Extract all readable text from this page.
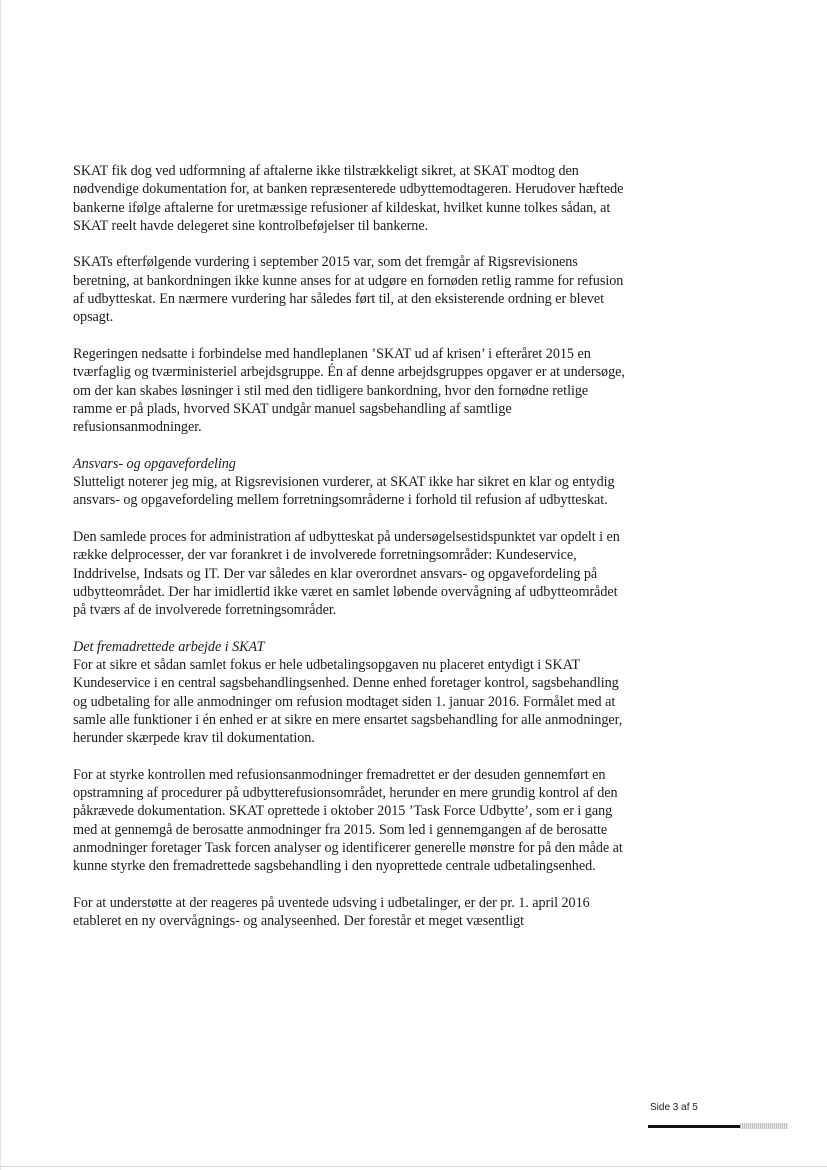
SKAT fik dog ved udformning af aftalerne ikke tilstrækkeligt sikret, at SKAT modtog den nødvendige dokumentation for, at banken repræsenterede udbyttemodtageren. Herudover hæftede bankerne ifølge aftalerne for uretmæssige refusioner af kildeskat, hvilket kunne tolkes sådan, at SKAT reelt havde delegeret sine kontrolbeføjelser til bankerne.

SKATs efterfølgende vurdering i september 2015 var, som det fremgår af Rigsrevisionens beretning, at bankordningen ikke kunne anses for at udgøre en fornøden retlig ramme for refusion af udbytteskat. En nærmere vurdering har således ført til, at den eksisterende ordning er blevet opsagt.

Regeringen nedsatte i forbindelse med handleplanen ’SKAT ud af krisen’ i efteråret 2015 en tværfaglig og tværministeriel arbejdsgruppe. Én af denne arbejdsgruppes opgaver er at undersøge, om der kan skabes løsninger i stil med den tidligere bankordning, hvor den fornødne retlige ramme er på plads, hvorved SKAT undgår manuel sagsbehandling af samtlige refusionsanmodninger.

Ansvars- og opgavefordeling
Slutteligt noterer jeg mig, at Rigsrevisionen vurderer, at SKAT ikke har sikret en klar og entydig ansvars- og opgavefordeling mellem forretningsområderne i forhold til refusion af udbytteskat.

Den samlede proces for administration af udbytteskat på undersøgelsestidspunktet var opdelt i en række delprocesser, der var forankret i de involverede forretningsområder: Kundeservice, Inddrivelse, Indsats og IT. Der var således en klar overordnet ansvars- og opgavefordeling på udbytteområdet. Der har imidlertid ikke været en samlet løbende overvågning af udbytteområdet på tværs af de involverede forretningsområder.

Det fremadrettede arbejde i SKAT
For at sikre et sådan samlet fokus er hele udbetalingsopgaven nu placeret entydigt i SKAT Kundeservice i en central sagsbehandlingsenhed. Denne enhed foretager kontrol, sagsbehandling og udbetaling for alle anmodninger om refusion modtaget siden 1. januar 2016. Formålet med at samle alle funktioner i én enhed er at sikre en mere ensartet sagsbehandling for alle anmodninger, herunder skærpede krav til dokumentation.

For at styrke kontrollen med refusionsanmodninger fremadrettet er der desuden gennemført en opstramning af procedurer på udbytterefusionsområdet, herunder en mere grundig kontrol af den påkrævede dokumentation. SKAT oprettede i oktober 2015 ’Task Force Udbytte’, som er i gang med at gennemgå de berosatte anmodninger fra 2015. Som led i gennemgangen af de berosatte anmodninger foretager Task forcen analyser og identificerer generelle mønstre for på den måde at kunne styrke den fremadrettede sagsbehandling i den nyoprettede centrale udbetalingsenhed.

For at understøtte at der reageres på uventede udsving i udbetalinger, er der pr. 1. april 2016 etableret en ny overvågnings- og analyseenhed. Der forestår et meget væsentligt

Side 3 af 5
